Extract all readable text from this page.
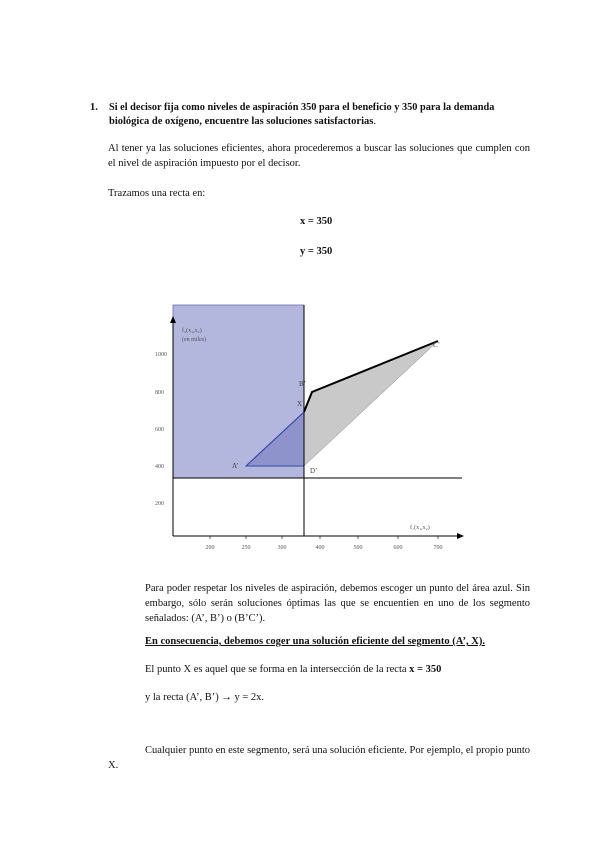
1. Si el decisor fija como niveles de aspiración 350 para el beneficio y 350 para la demanda
biológica de oxígeno, encuentre las soluciones satisfactorias.
Al tener ya las soluciones eficientes, ahora procederemos a buscar las soluciones que cumplen con el nivel de aspiración impuesto por el decisor.
Trazamos una recta en:
x = 350
y = 350
200	250	300	400	500	600	700
1000
800
600
400
200
f₂(x₁,x₂)
(en miles)
f₁(x₁,x₂)
A’
B’
C’
D’
X
Para poder respetar los niveles de aspiración, debemos escoger un punto del área azul. Sin embargo, sólo serán soluciones óptimas las que se encuentien en uno de los segmento señalados: (A’, B’) o (B’C’).
En consecuencia, debemos coger una solución eficiente del segmento (A’, X).
El punto X es aquel que se forma en la intersección de la recta x = 350
y la recta (A’, B’) → y = 2x.
Cualquier punto en este segmento, será una solución eficiente. Por ejemplo, el propio punto X.
